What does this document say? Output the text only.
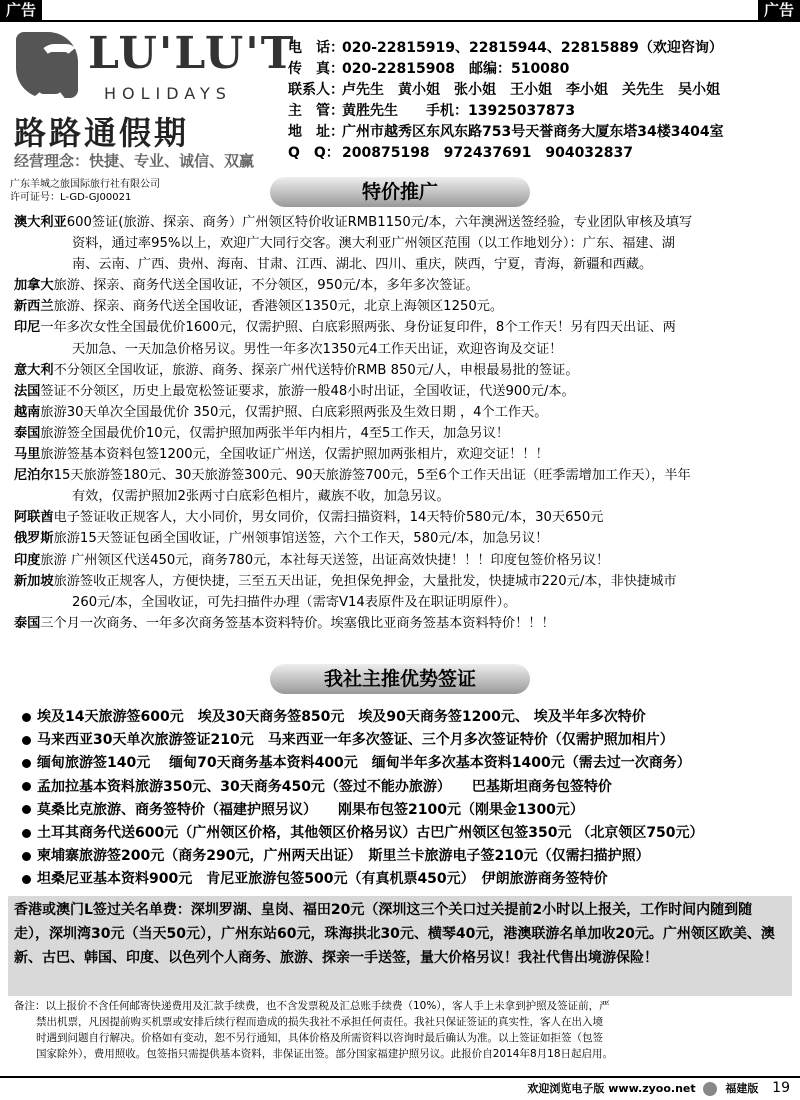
广告	广告
LU'LU'T
HOLIDAYS
路路通假期
经营理念：快捷、专业、诚信、双赢
广东羊城之旅国际旅行社有限公司
许可证号：L-GD-GJ00021
电　话：020-22815919、22815944、22815889（欢迎咨询）
传　真：020-22815908　邮编：510080
联系人：卢先生　黄小姐　张小姐　王小姐　李小姐　关先生　吴小姐
主　管：黄胜先生　　手机：13925037873
地　址：广州市越秀区东风东路753号天誉商务大厦东塔34楼3404室
Q　Q： 200875198　972437691　904032837
特价推广

澳大利亚600签证(旅游、探亲、商务）广州领区特价收证RMB1150元/本，六年澳洲送签经验，专业团队审核及填写

资料，通过率95%以上，欢迎广大同行交客。澳大利亚广州领区范围（以工作地划分）：广东、福建、湖

南、云南、广西、贵州、海南、甘肃、江西、湖北、四川、重庆，陕西，宁夏，青海，新疆和西藏。

加拿大旅游、探亲、商务代送全国收证，不分领区，950元/本，多年多次签证。

新西兰旅游、探亲、商务代送全国收证，香港领区1350元，北京上海领区1250元。

印尼一年多次女性全国最优价1600元，仅需护照、白底彩照两张、身份证复印件，8个工作天！另有四天出证、两

天加急、一天加急价格另议。男性一年多次1350元4工作天出证，欢迎咨询及交证！

意大利不分领区全国收证，旅游、商务、探亲广州代送特价RMB 850元/人，申根最易批的签证。

法国签证不分领区，历史上最宽松签证要求，旅游一般48小时出证，全国收证，代送900元/本。

越南旅游30天单次全国最优价 350元，仅需护照、白底彩照两张及生效日期 ，4个工作天。

泰国旅游签全国最优价10元，仅需护照加两张半年内相片，4至5工作天，加急另议！

马里旅游签基本资料包签1200元，全国收证广州送，仅需护照加两张相片，欢迎交证！！！

尼泊尔15天旅游签180元、30天旅游签300元、90天旅游签700元，5至6个工作天出证（旺季需增加工作天），半年

有效，仅需护照加2张两寸白底彩色相片，藏族不收，加急另议。

阿联酋电子签证收正规客人，大小同价，男女同价，仅需扫描资料，14天特价580元/本，30天650元

俄罗斯旅游15天签证包函全国收证，广州领事馆送签，六个工作天，580元/本，加急另议！

印度旅游 广州领区代送450元，商务780元，本社每天送签，出证高效快捷！！！印度包签价格另议！

新加坡旅游签收正规客人，方便快捷，三至五天出证，免担保免押金，大量批发，快捷城市220元/本，非快捷城市

260元/本，全国收证，可先扫描件办理（需寄V14表原件及在职证明原件）。

泰国三个月一次商务、一年多次商务签基本资料特价。埃塞俄比亚商务签基本资料特价！！！

我社主推优势签证
埃及14天旅游签600元　埃及30天商务签850元　埃及90天商务签1200元、 埃及半年多次特价
马来西亚30天单次旅游签证210元　马来西亚一年多次签证、三个月多次签证特价（仅需护照加相片）
缅甸旅游签140元　 缅甸70天商务基本资料400元　缅甸半年多次基本资料1400元（需去过一次商务）
孟加拉基本资料旅游350元、30天商务450元（签过不能办旅游）　　巴基斯坦商务包签特价
莫桑比克旅游、商务签特价（福建护照另议）　　刚果布包签2100元（刚果金1300元）
土耳其商务代送600元（广州领区价格，其他领区价格另议）古巴广州领区包签350元 （北京领区750元）
柬埔寨旅游签200元（商务290元，广州两天出证）　斯里兰卡旅游电子签210元（仅需扫描护照）
坦桑尼亚基本资料900元　肯尼亚旅游包签500元（有真机票450元）　伊朗旅游商务签特价
香港或澳门L签过关名单费：深圳罗湖、皇岗、福田20元（深圳这三个关口过关提前2小时以上报关，工作时间内随到随走），深圳湾30元（当天50元），广州东站60元，珠海拱北30元、横琴40元，港澳联游名单加收20元。广州领区欧美、澳新、古巴、韩国、印度、以色列个人商务、旅游、探亲一手送签，量大价格另议！我社代售出境游保险！
备注：以上报价不含任何邮寄快递费用及汇款手续费，也不含发票税及汇总账手续费（10%），客人手上未拿到护照及签证前，严
禁出机票，凡因提前购买机票或安排后续行程而造成的损失我社不承担任何责任。我社只保证签证的真实性，客人在出入境
时遇到问题自行解决。价格如有变动，恕不另行通知，具体价格及所需资料以咨询时最后确认为准。以上签证如拒签（包签
国家除外），费用照收。包签指只需提供基本资料，非保证出签。部分国家福建护照另议。此报价自2014年8月18日起启用。
欢迎浏览电子版 www.zyoo.net	福建版 19
